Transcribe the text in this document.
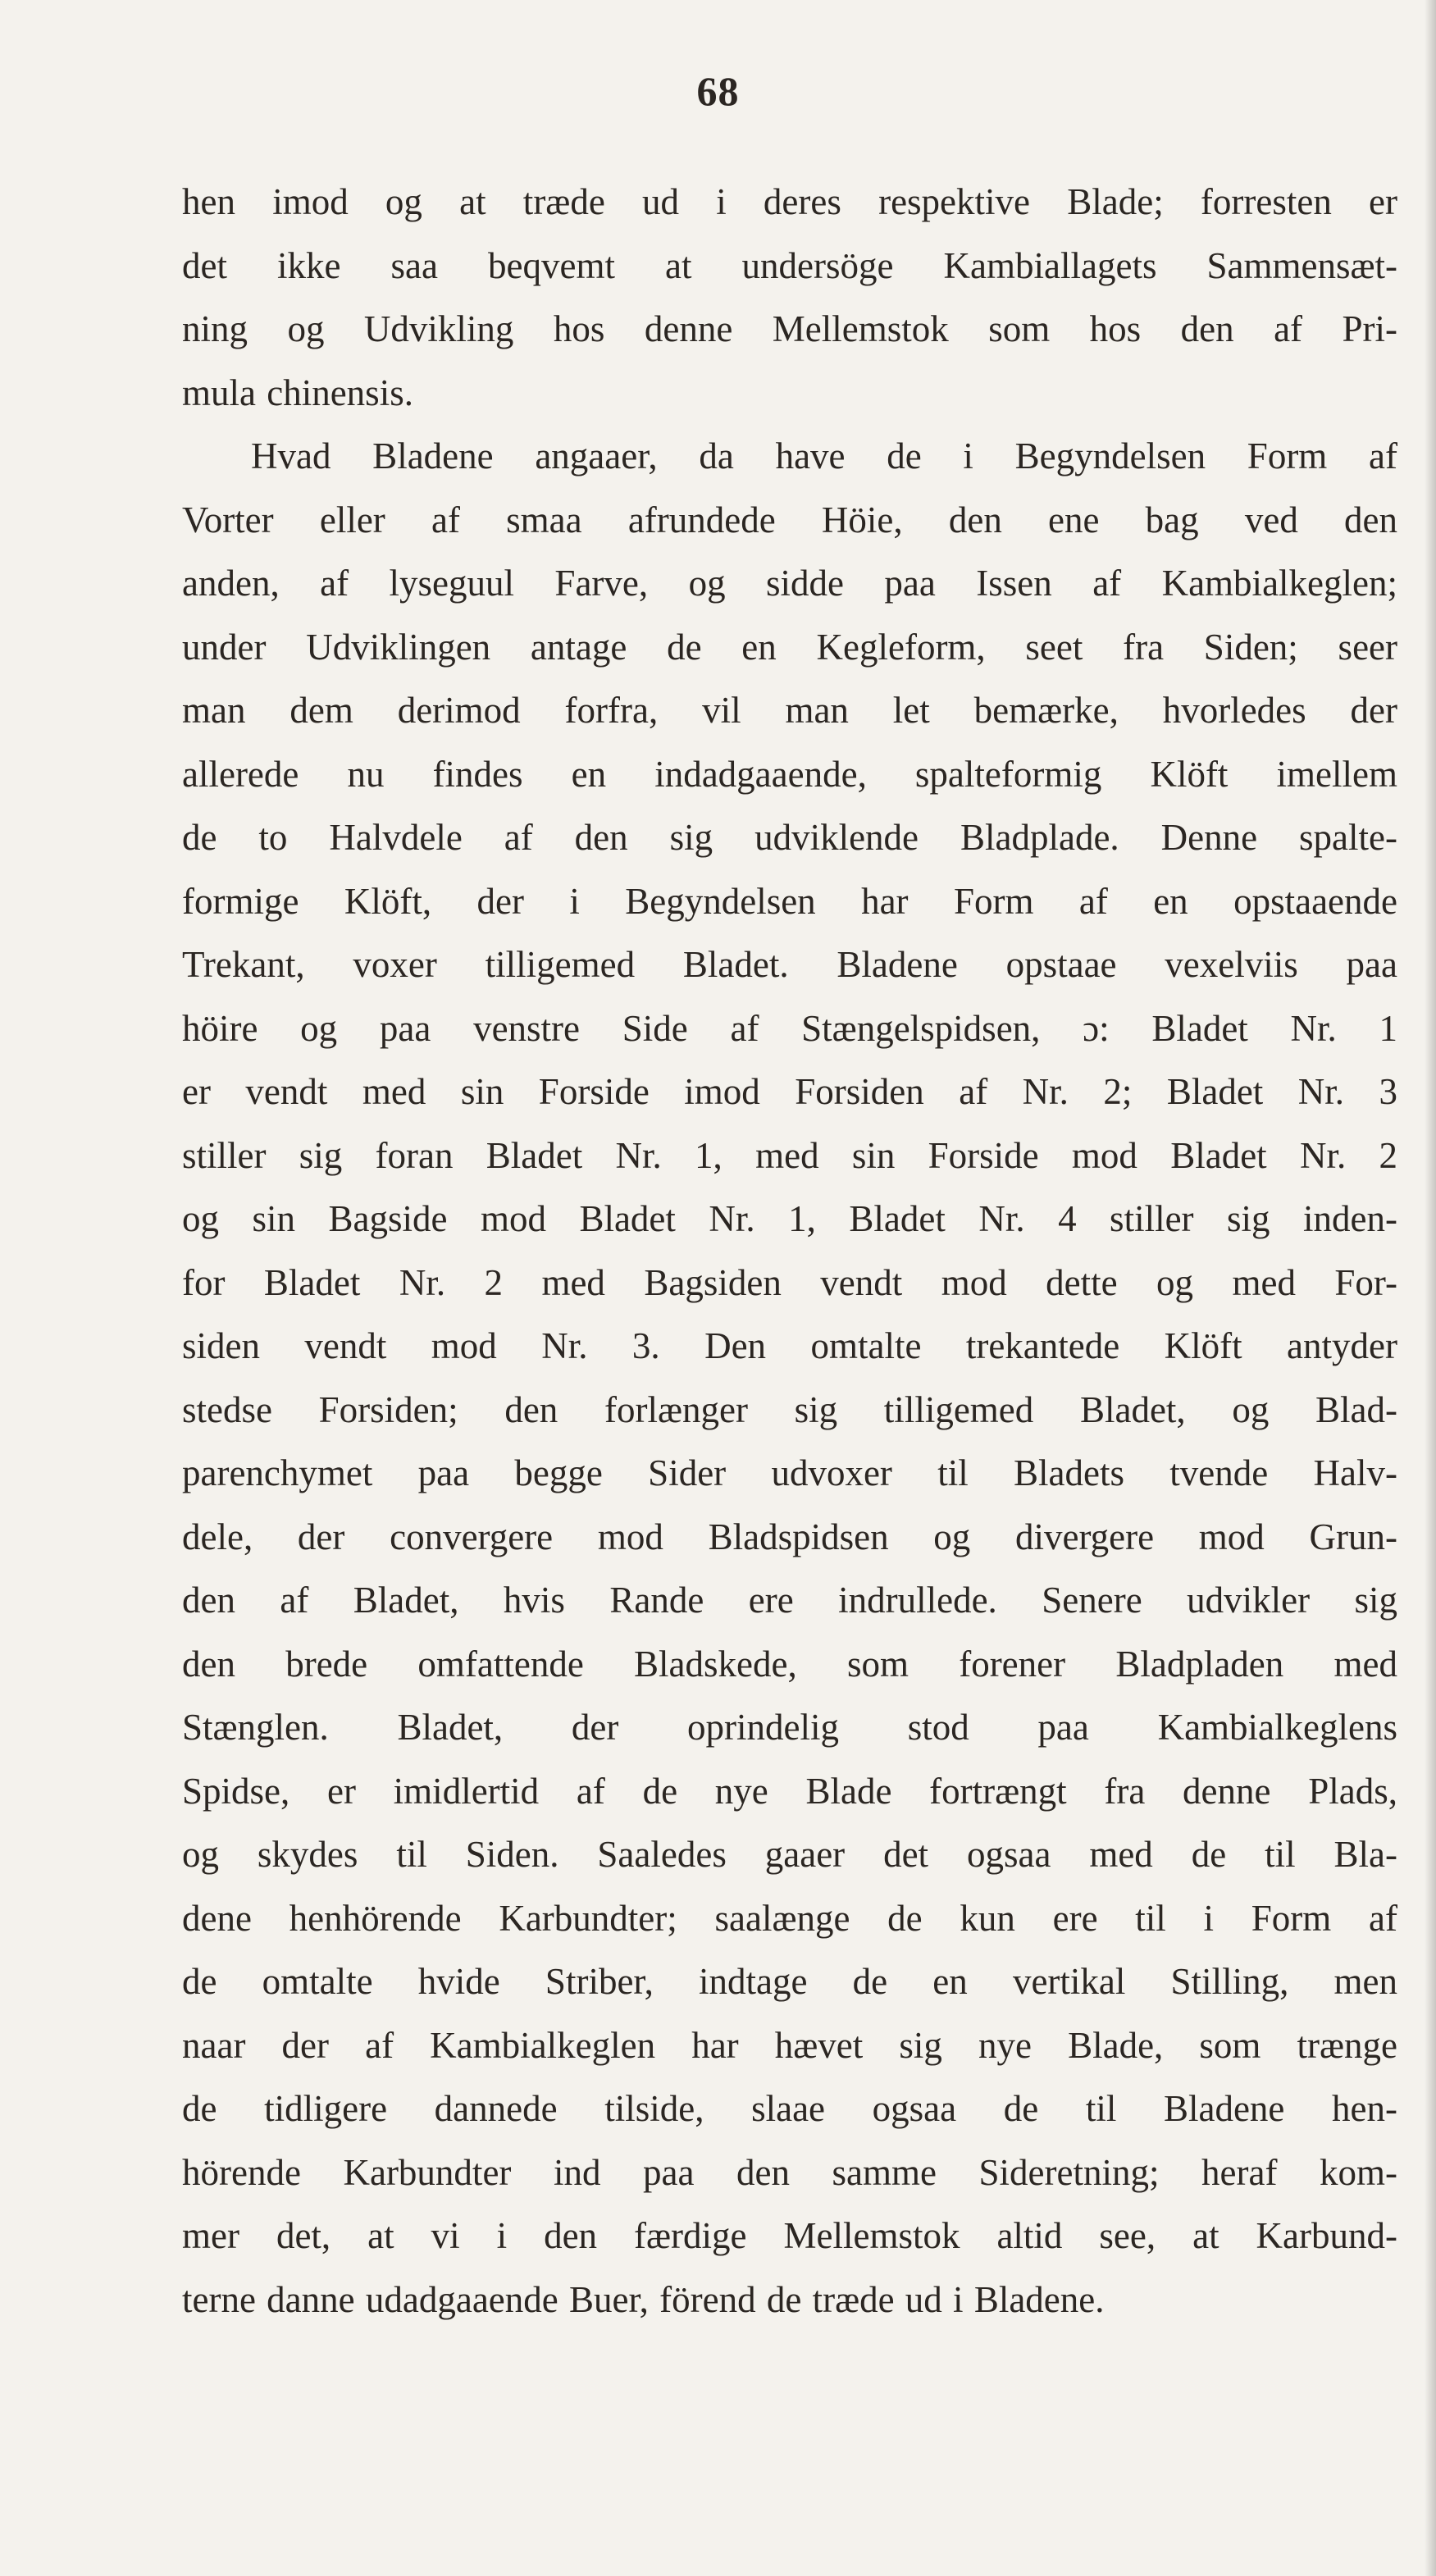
68
hen imod og at træde ud i deres respektive Blade; forresten er
det ikke saa beqvemt at undersöge Kambiallagets Sammensæt-
ning og Udvikling hos denne Mellemstok som hos den af Pri-
mula chinensis.
Hvad Bladene angaaer, da have de i Begyndelsen Form af
Vorter eller af smaa afrundede Höie, den ene bag ved den
anden, af lyseguul Farve, og sidde paa Issen af Kambialkeglen;
under Udviklingen antage de en Kegleform, seet fra Siden; seer
man dem derimod forfra, vil man let bemærke, hvorledes der
allerede nu findes en indadgaaende, spalteformig Klöft imellem
de to Halvdele af den sig udviklende Bladplade. Denne spalte-
formige Klöft, der i Begyndelsen har Form af en opstaaende
Trekant, voxer tilligemed Bladet. Bladene opstaae vexelviis paa
höire og paa venstre Side af Stængelspidsen, ɔ: Bladet Nr. 1
er vendt med sin Forside imod Forsiden af Nr. 2; Bladet Nr. 3
stiller sig foran Bladet Nr. 1, med sin Forside mod Bladet Nr. 2
og sin Bagside mod Bladet Nr. 1, Bladet Nr. 4 stiller sig inden-
for Bladet Nr. 2 med Bagsiden vendt mod dette og med For-
siden vendt mod Nr. 3. Den omtalte trekantede Klöft antyder
stedse Forsiden; den forlænger sig tilligemed Bladet, og Blad-
parenchymet paa begge Sider udvoxer til Bladets tvende Halv-
dele, der convergere mod Bladspidsen og divergere mod Grun-
den af Bladet, hvis Rande ere indrullede. Senere udvikler sig
den brede omfattende Bladskede, som forener Bladpladen med
Stænglen. Bladet, der oprindelig stod paa Kambialkeglens
Spidse, er imidlertid af de nye Blade fortrængt fra denne Plads,
og skydes til Siden. Saaledes gaaer det ogsaa med de til Bla-
dene henhörende Karbundter; saalænge de kun ere til i Form af
de omtalte hvide Striber, indtage de en vertikal Stilling, men
naar der af Kambialkeglen har hævet sig nye Blade, som trænge
de tidligere dannede tilside, slaae ogsaa de til Bladene hen-
hörende Karbundter ind paa den samme Sideretning; heraf kom-
mer det, at vi i den færdige Mellemstok altid see, at Karbund-
terne danne udadgaaende Buer, förend de træde ud i Bladene.
